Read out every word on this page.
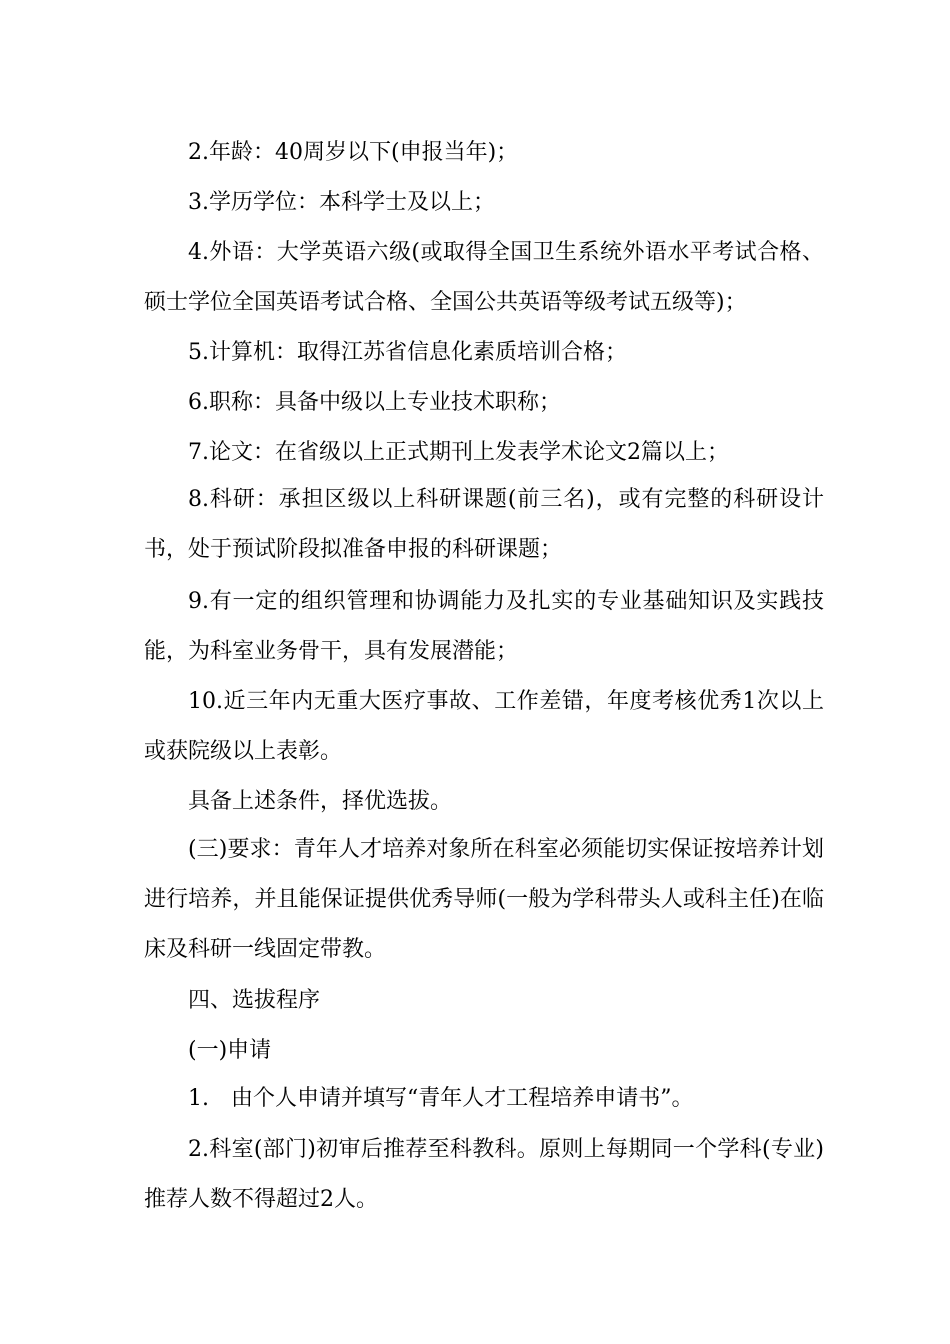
2.年龄：40周岁以下(申报当年)；

3.学历学位：本科学士及以上；

4.外语：大学英语六级(或取得全国卫生系统外语水平考试合格、硕士学位全国英语考试合格、全国公共英语等级考试五级等)；

5.计算机：取得江苏省信息化素质培训合格；

6.职称：具备中级以上专业技术职称；

7.论文：在省级以上正式期刊上发表学术论文2篇以上；

8.科研：承担区级以上科研课题(前三名)，或有完整的科研设计书，处于预试阶段拟准备申报的科研课题；

9.有一定的组织管理和协调能力及扎实的专业基础知识及实践技能，为科室业务骨干，具有发展潜能；

10.近三年内无重大医疗事故、工作差错，年度考核优秀1次以上或获院级以上表彰。

具备上述条件，择优选拔。

(三)要求：青年人才培养对象所在科室必须能切实保证按培养计划进行培养，并且能保证提供优秀导师(一般为学科带头人或科主任)在临床及科研一线固定带教。

四、选拔程序

(一)申请

1.　由个人申请并填写“青年人才工程培养申请书”。

2.科室(部门)初审后推荐至科教科。原则上每期同一个学科(专业)推荐人数不得超过2人。
